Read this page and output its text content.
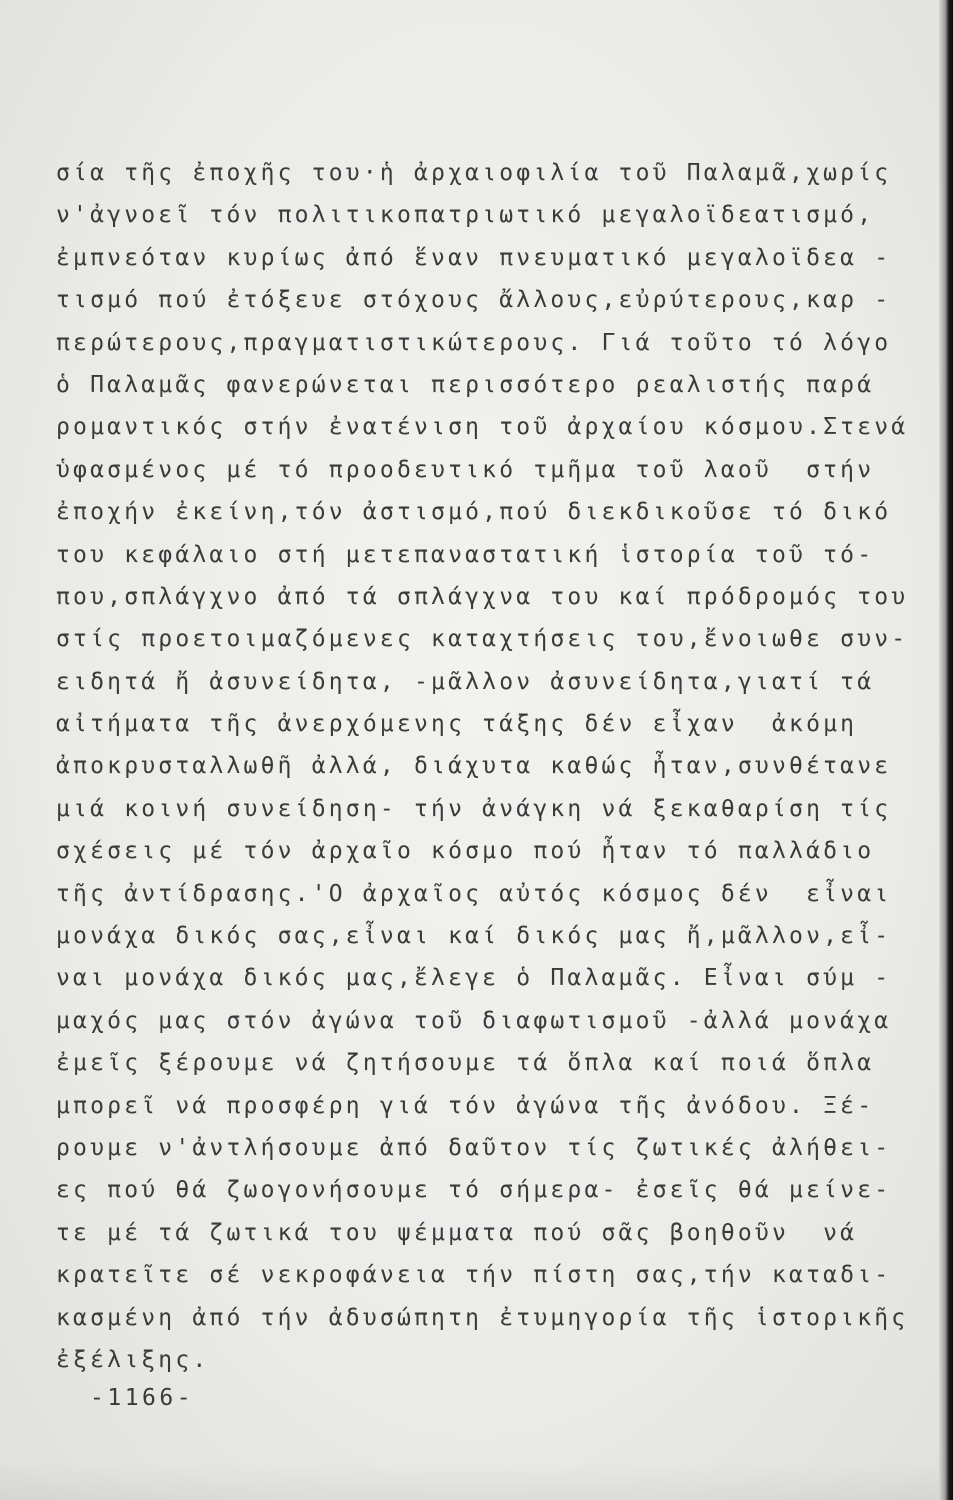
σία τῆς ἐποχῆς του·ἡ ἀρχαιοφιλία τοῦ Παλαμᾶ,χωρίς
ν'ἀγνοεῖ τόν πολιτικοπατριωτικό μεγαλοϊδεατισμό,
ἐμπνεόταν κυρίως ἀπό ἕναν πνευματικό μεγαλοϊδεα -
τισμό πού ἐτόξευε στόχους ἄλλους,εὐρύτερους,καρ -
περώτερους,πραγματιστικώτερους. Γιά τοῦτο τό λόγο
ὁ Παλαμᾶς φανερώνεται περισσότερο ρεαλιστής παρά
ρομαντικός στήν ἐνατένιση τοῦ ἀρχαίου κόσμου.Στενά
ὑφασμένος μέ τό προοδευτικό τμῆμα τοῦ λαοῦ  στήν
ἐποχήν ἐκείνη,τόν ἀστισμό,πού διεκδικοῦσε τό δικό
του κεφάλαιο στή μετεπαναστατική ἱστορία τοῦ τό-
που,σπλάγχνο ἀπό τά σπλάγχνα του καί πρόδρομός του
στίς προετοιμαζόμενες καταχτήσεις του,ἔνοιωθε συν-
ειδητά ἤ ἀσυνείδητα, -μᾶλλον ἀσυνείδητα,γιατί τά
αἰτήματα τῆς ἀνερχόμενης τάξης δέν εἶχαν  ἀκόμη
ἀποκρυσταλλωθῆ ἀλλά, διάχυτα καθώς ἦταν,συνθέτανε
μιά κοινή συνείδηση- τήν ἀνάγκη νά ξεκαθαρίση τίς
σχέσεις μέ τόν ἀρχαῖο κόσμο πού ἦταν τό παλλάδιο
τῆς ἀντίδρασης.'Ο ἀρχαῖος αὐτός κόσμος δέν  εἶναι
μονάχα δικός σας,εἶναι καί δικός μας ἤ,μᾶλλον,εἶ-
ναι μονάχα δικός μας,ἔλεγε ὁ Παλαμᾶς. Εἶναι σύμ -
μαχός μας στόν ἀγώνα τοῦ διαφωτισμοῦ -ἀλλά μονάχα
ἐμεῖς ξέρουμε νά ζητήσουμε τά ὅπλα καί ποιά ὅπλα
μπορεῖ νά προσφέρη γιά τόν ἀγώνα τῆς ἀνόδου. Ξέ-
ρουμε ν'ἀντλήσουμε ἀπό δαῦτον τίς ζωτικές ἀλήθει-
ες πού θά ζωογονήσουμε τό σήμερα- ἐσεῖς θά μείνε-
τε μέ τά ζωτικά του ψέμματα πού σᾶς βοηθοῦν  νά
κρατεῖτε σέ νεκροφάνεια τήν πίστη σας,τήν καταδι-
κασμένη ἀπό τήν ἀδυσώπητη ἐτυμηγορία τῆς ἱστορικῆς
ἐξέλιξης.
-1166-
